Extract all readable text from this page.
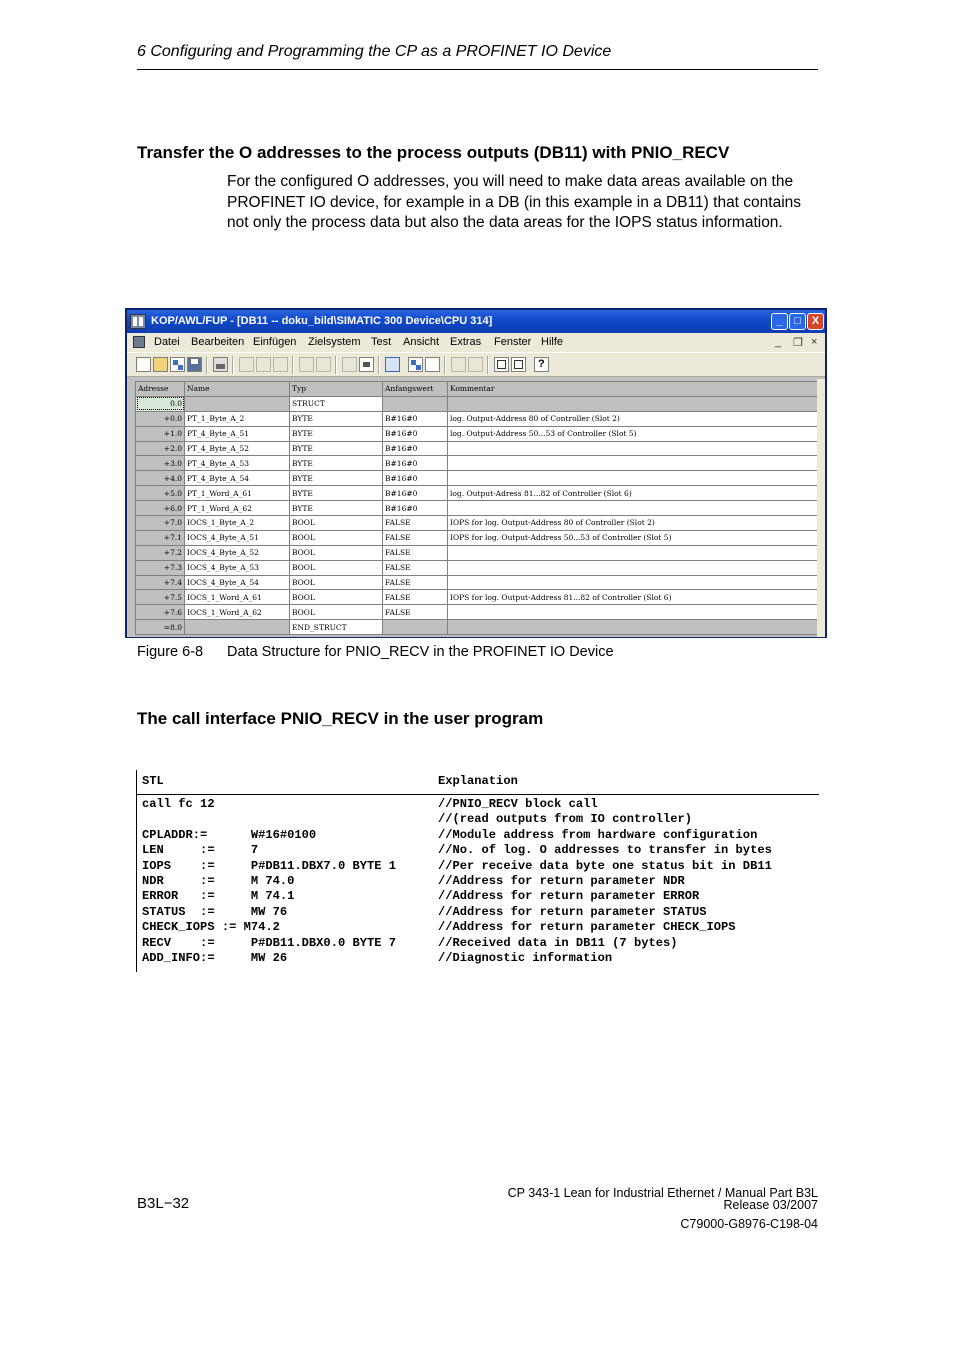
6 Configuring and Programming the CP as a PROFINET IO Device
Transfer the O addresses to the process outputs (DB11) with PNIO_RECV
For the configured O addresses, you will need to make data areas available on the PROFINET IO device, for example in a DB (in this example in a DB11) that contains not only the process data but also the data areas for the IOPS status information.
KOP/AWL/FUP - [DB11 -- doku_bild\SIMATIC 300 Device\CPU 314]	_	□	X
Datei Bearbeiten Einfügen Zielsystem Test Ansicht Extras Fenster Hilfe	_ ❐ ×
?
Adresse	Name	Typ	Anfangswert	Kommentar
0.0		STRUCT		
+0.0	PT_1_Byte_A_2	BYTE	B#16#0	log. Output-Address 80 of Controller (Slot 2)
+1.0	PT_4_Byte_A_51	BYTE	B#16#0	log. Output-Address 50...53 of Controller (Slot 5)
+2.0	PT_4_Byte_A_52	BYTE	B#16#0	
+3.0	PT_4_Byte_A_53	BYTE	B#16#0	
+4.0	PT_4_Byte_A_54	BYTE	B#16#0	
+5.0	PT_1_Word_A_61	BYTE	B#16#0	log. Output-Adress 81...82 of Controller (Slot 6)
+6.0	PT_1_Word_A_62	BYTE	B#16#0	
+7.0	IOCS_1_Byte_A_2	BOOL	FALSE	IOPS for log. Output-Address 80 of Controller (Slot 2)
+7.1	IOCS_4_Byte_A_51	BOOL	FALSE	IOPS for log. Output-Address 50...53 of Controller (Slot 5)
+7.2	IOCS_4_Byte_A_52	BOOL	FALSE	
+7.3	IOCS_4_Byte_A_53	BOOL	FALSE	
+7.4	IOCS_4_Byte_A_54	BOOL	FALSE	
+7.5	IOCS_1_Word_A_61	BOOL	FALSE	IOPS for log. Output-Address 81...82 of Controller (Slot 6)
+7.6	IOCS_1_Word_A_62	BOOL	FALSE	
=8.0		END_STRUCT		
Figure 6-8 Data Structure for PNIO_RECV in the PROFINET IO Device
The call interface PNIO_RECV in the user program
STL	Explanation
call fc 12	//PNIO_RECV block call
//(read outputs from IO controller)
CPLADDR:=      W#16#0100	//Module address from hardware configuration
LEN     :=     7	//No. of log. O addresses to transfer in bytes
IOPS    :=     P#DB11.DBX7.0 BYTE 1	//Per receive data byte one status bit in DB11
NDR     :=     M 74.0	//Address for return parameter NDR
ERROR   :=     M 74.1	//Address for return parameter ERROR
STATUS  :=     MW 76	//Address for return parameter STATUS
CHECK_IOPS := M74.2	//Address for return parameter CHECK_IOPS
RECV    :=     P#DB11.DBX0.0 BYTE 7	//Received data in DB11 (7 bytes)
ADD_INFO:=     MW 26	//Diagnostic information
B3L−32
CP 343-1 Lean for Industrial Ethernet / Manual Part B3L
Release 03/2007
C79000-G8976-C198-04
